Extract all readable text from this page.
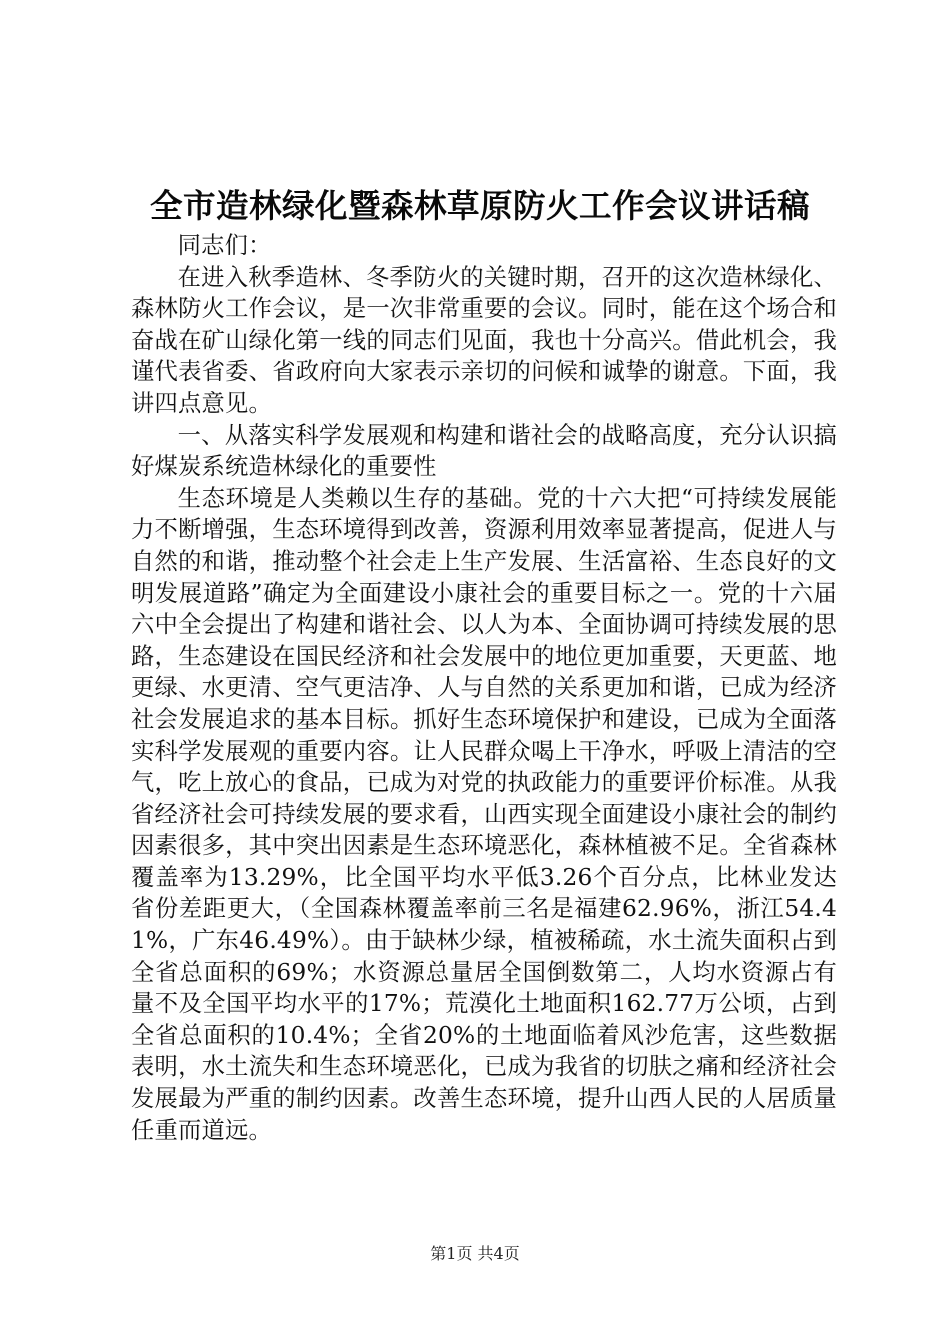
全市造林绿化暨森林草原防火工作会议讲话稿

同志们：

在进入秋季造林、冬季防火的关键时期，召开的这次造林绿化、森林防火工作会议，是一次非常重要的会议。同时，能在这个场合和奋战在矿山绿化第一线的同志们见面，我也十分高兴。借此机会，我谨代表省委、省政府向大家表示亲切的问候和诚挚的谢意。下面，我讲四点意见。

一、从落实科学发展观和构建和谐社会的战略高度，充分认识搞好煤炭系统造林绿化的重要性

生态环境是人类赖以生存的基础。党的十六大把“可持续发展能力不断增强，生态环境得到改善，资源利用效率显著提高，促进人与自然的和谐，推动整个社会走上生产发展、生活富裕、生态良好的文明发展道路”确定为全面建设小康社会的重要目标之一。党的十六届六中全会提出了构建和谐社会、以人为本、全面协调可持续发展的思路，生态建设在国民经济和社会发展中的地位更加重要，天更蓝、地更绿、水更清、空气更洁净、人与自然的关系更加和谐，已成为经济社会发展追求的基本目标。抓好生态环境保护和建设，已成为全面落实科学发展观的重要内容。让人民群众喝上干净水，呼吸上清洁的空气，吃上放心的食品，已成为对党的执政能力的重要评价标准。从我省经济社会可持续发展的要求看，山西实现全面建设小康社会的制约因素很多，其中突出因素是生态环境恶化，森林植被不足。全省森林覆盖率为13.29%，比全国平均水平低3.26个百分点，比林业发达省份差距更大，（全国森林覆盖率前三名是福建62.96%，浙江54.41%，广东46.49%）。由于缺林少绿，植被稀疏，水土流失面积占到全省总面积的69%；水资源总量居全国倒数第二，人均水资源占有量不及全国平均水平的17%；荒漠化土地面积162.77万公顷，占到全省总面积的10.4%；全省20%的土地面临着风沙危害，这些数据表明，水土流失和生态环境恶化，已成为我省的切肤之痛和经济社会发展最为严重的制约因素。改善生态环境，提升山西人民的人居质量任重而道远。

第1页 共4页
